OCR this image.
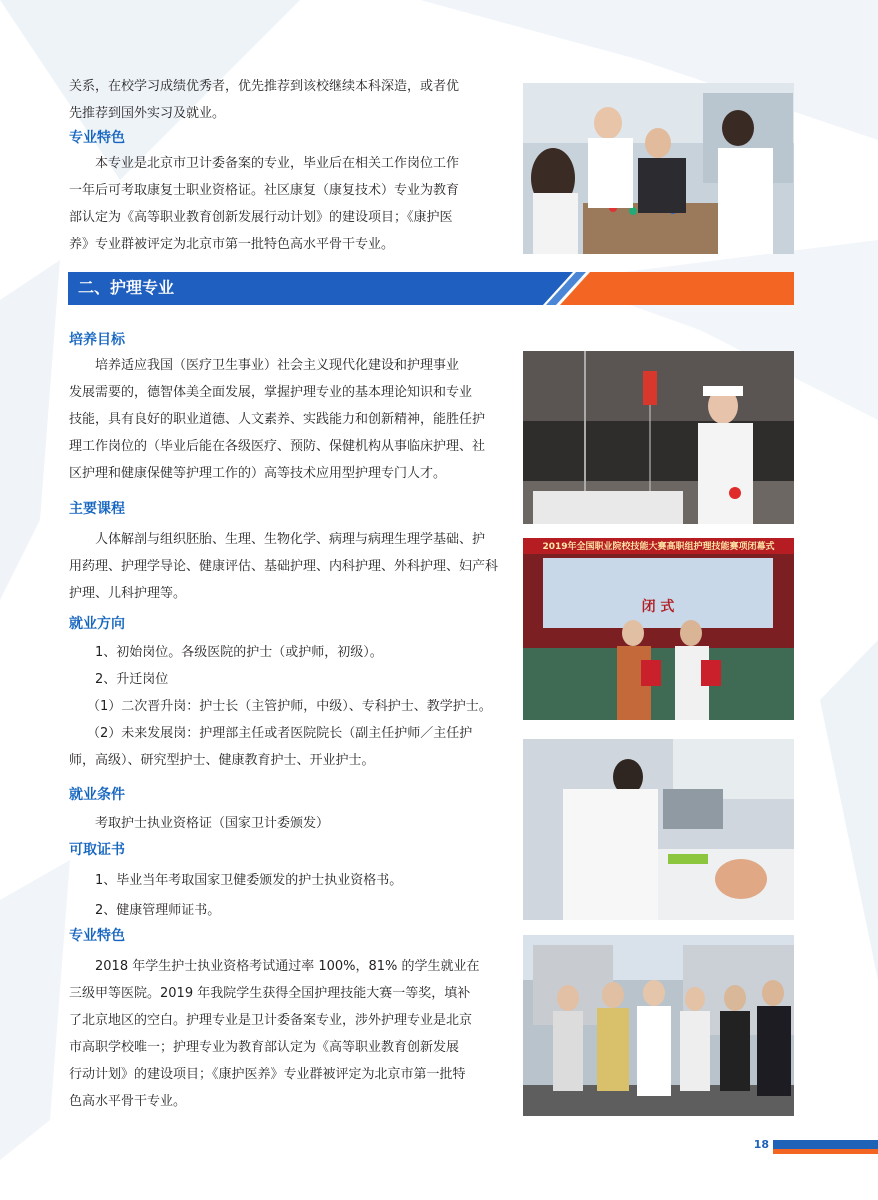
关系，在校学习成绩优秀者，优先推荐到该校继续本科深造，或者优

先推荐到国外实习及就业。

专业特色

本专业是北京市卫计委备案的专业，毕业后在相关工作岗位工作

一年后可考取康复士职业资格证。社区康复（康复技术）专业为教育

部认定为《高等职业教育创新发展行动计划》的建设项目；《康护医

养》专业群被评定为北京市第一批特色高水平骨干专业。

二、护理专业
培养目标

培养适应我国（医疗卫生事业）社会主义现代化建设和护理事业

发展需要的，德智体美全面发展，掌握护理专业的基本理论知识和专业

技能，具有良好的职业道德、人文素养、实践能力和创新精神，能胜任护

理工作岗位的（毕业后能在各级医疗、预防、保健机构从事临床护理、社

区护理和健康保健等护理工作的）高等技术应用型护理专门人才。

主要课程

人体解剖与组织胚胎、生理、生物化学、病理与病理生理学基础、护

用药理、护理学导论、健康评估、基础护理、内科护理、外科护理、妇产科

护理、儿科护理等。

就业方向

1、初始岗位。各级医院的护士（或护师，初级）。

2、升迁岗位

（1）二次晋升岗：护士长（主管护师，中级）、专科护士、教学护士。

（2）未来发展岗：护理部主任或者医院院长（副主任护师／主任护

师，高级）、研究型护士、健康教育护士、开业护士。

就业条件

考取护士执业资格证（国家卫计委颁发）

可取证书

1、毕业当年考取国家卫健委颁发的护士执业资格书。

2、健康管理师证书。

专业特色

2018 年学生护士执业资格考试通过率 100%，81% 的学生就业在

三级甲等医院。2019 年我院学生获得全国护理技能大赛一等奖，填补

了北京地区的空白。护理专业是卫计委备案专业，涉外护理专业是北京

市高职学校唯一；护理专业为教育部认定为《高等职业教育创新发展

行动计划》的建设项目；《康护医养》专业群被评定为北京市第一批特

色高水平骨干专业。

2019年全国职业院校技能大赛高职组护理技能赛项闭幕式
闭 式
18
